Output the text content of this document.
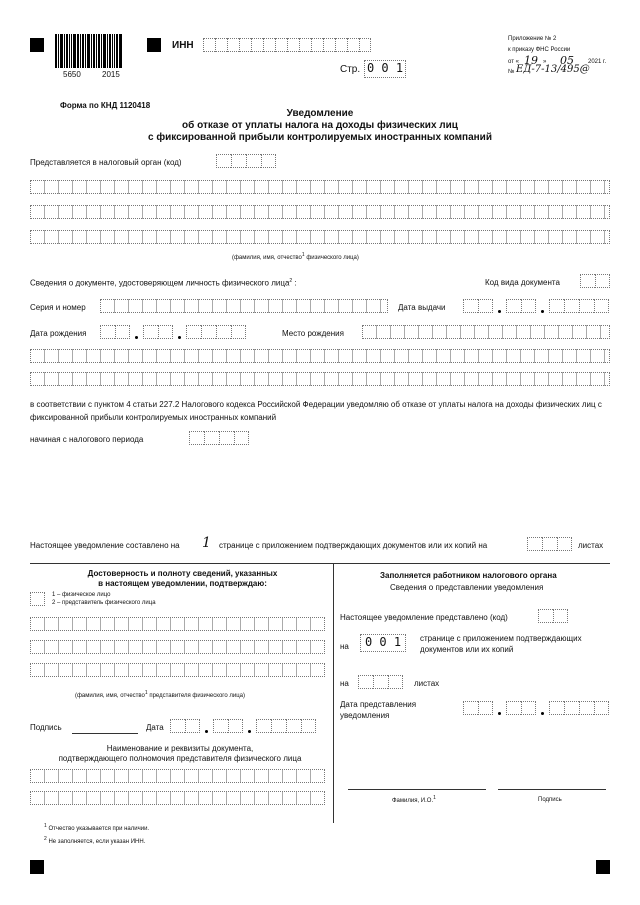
5650	2015
ИНН
Стр. 0 0 1
Приложение № 2
к приказу ФНС России
от « 19 » 05 2021 г.
№ ЕД-7-13/495@
Форма по КНД 1120418
Уведомление
об отказе от уплаты налога на доходы физических лиц
с фиксированной прибыли контролируемых иностранных компаний
Представляется в налоговый орган (код)
(фамилия, имя, отчество$^1$ физического лица)
Сведения о документе, удостоверяющем личность физического лица$^2$ :	Код вида документа
Серия и номер	Дата выдачи
Дата рождения	Место рождения
в соответствии с пунктом 4 статьи 227.2 Налогового кодекса Российской Федерации уведомляю об отказе от уплаты налога на доходы физических лиц с фиксированной прибыли контролируемых иностранных компаний
начиная с налогового периода
Настоящее уведомление составлено на 1 странице с приложением подтверждающих документов или их копий на	листах
Достоверность и полноту сведений, указанных
в настоящем уведомлении, подтверждаю:
1 – физическое лицо
2 – представитель физического лица
(фамилия, имя, отчество$^1$ представителя физического лица)
Подпись	Дата
Наименование и реквизиты документа,
подтверждающего полномочия представителя физического лица
Заполняется работником налогового органа
Сведения о представлении уведомления
Настоящее уведомление представлено (код)
на	0 0 1	странице с приложением подтверждающих
документов или их копий
на	листах
Дата представления
уведомления
Фамилия, И.О.$^1$	Подпись
$^1$ Отчество указывается при наличии.
$^2$ Не заполняется, если указан ИНН.
